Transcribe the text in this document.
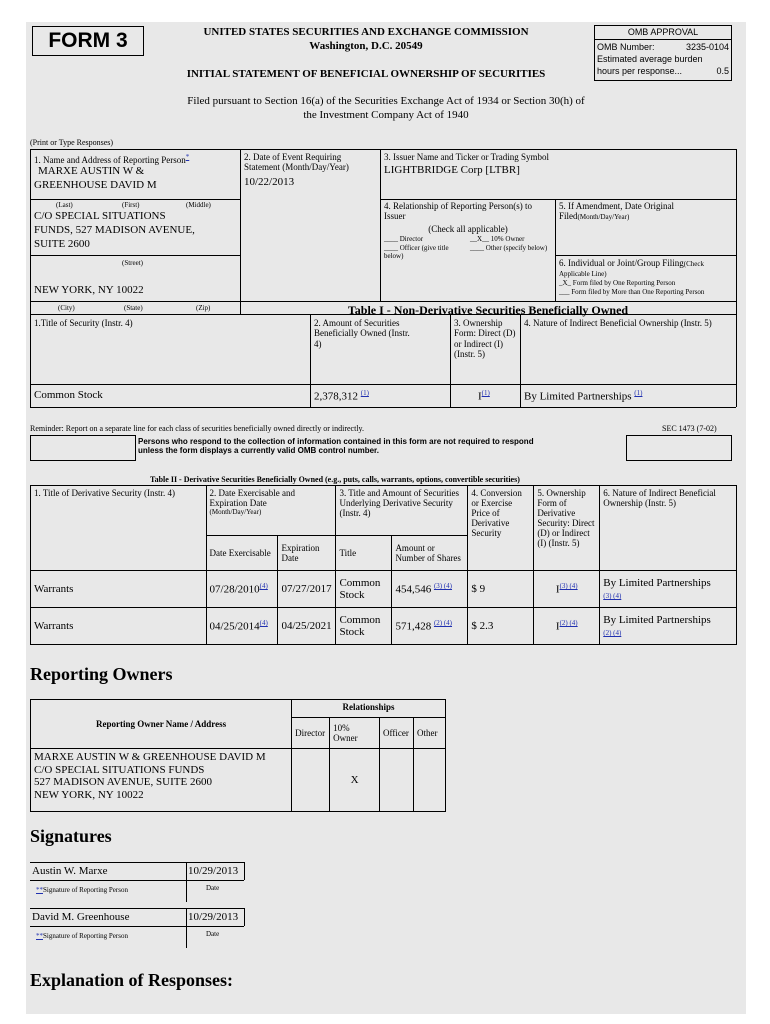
FORM 3	UNITED STATES SECURITIES AND EXCHANGE COMMISSION
Washington, D.C. 20549
INITIAL STATEMENT OF BENEFICIAL OWNERSHIP OF SECURITIES
OMB APPROVAL
OMB Number:	3235-0104
Estimated average burden
hours per response...	0.5
Filed pursuant to Section 16(a) of the Securities Exchange Act of 1934 or Section 30(h) of
the Investment Company Act of 1940
(Print or Type Responses)
1. Name and Address of Reporting Person*
MARXE AUSTIN W &
GREENHOUSE DAVID M
(Last)	(First)	(Middle)
C/O SPECIAL SITUATIONS
FUNDS, 527 MADISON AVENUE,
SUITE 2600
(Street)
NEW YORK, NY 10022
(City)	(State)	(Zip)
2. Date of Event Requiring
Statement (Month/Day/Year)
10/22/2013
3. Issuer Name and Ticker or Trading Symbol
LIGHTBRIDGE Corp [LTBR]
4. Relationship of Reporting Person(s) to
Issuer
(Check all applicable)
____ Director	__X__ 10% Owner
____ Officer (give title below)
____ Other (specify below)
5. If Amendment, Date Original
Filed(Month/Day/Year)
6. Individual or Joint/Group Filing(Check Applicable Line)
_X_ Form filed by One Reporting Person
___ Form filed by More than One Reporting Person
Table I - Non-Derivative Securities Beneficially Owned
1.Title of Security (Instr. 4)	2. Amount of Securities Beneficially Owned (Instr. 4)
3. Ownership Form: Direct (D) or Indirect (I) (Instr. 5)
4. Nature of Indirect Beneficial Ownership (Instr. 5)
Common Stock	2,378,312 $^{(1)}$	$I^{(1)}$	By Limited Partnerships $^{(1)}$
Reminder: Report on a separate line for each class of securities beneficially owned directly or indirectly.	SEC 1473 (7-02)
Persons who respond to the collection of information contained in this form are not required to respond
unless the form displays a currently valid OMB control number.
Table II - Derivative Securities Beneficially Owned (e.g., puts, calls, warrants, options, convertible securities)
1. Title of Derivative Security (Instr. 4)	2. Date Exercisable and Expiration Date
(Month/Day/Year)		3. Title and Amount of Securities Underlying Derivative Security (Instr. 4)		4. Conversion or Exercise Price of Derivative Security	5. Ownership Form of Derivative Security: Direct (D) or Indirect (I) (Instr. 5)	6. Nature of Indirect Beneficial Ownership (Instr. 5)
	Date Exercisable	Expiration Date	Title	Amount or Number of Shares			
Warrants	07/28/2010$^{(4)}$	07/27/2017	Common Stock	454,546 $^{(3) (4)}$	$ 9	$I^{(3) (4)}$	By Limited Partnerships
(3) (4)
Warrants	04/25/2014$^{(4)}$	04/25/2021	Common Stock	571,428 $^{(2) (4)}$	$ 2.3	$I^{(2) (4)}$	By Limited Partnerships
(2) (4)
Reporting Owners
Reporting Owner Name / Address	Relationships			
	Director	10% Owner	Officer	Other

MARXE AUSTIN W & GREENHOUSE DAVID M
C/O SPECIAL SITUATIONS FUNDS
527 MADISON AVENUE, SUITE 2600
NEW YORK, NY 10022		X		
Signatures
Austin W. Marxe
**Signature of Reporting Person
10/29/2013
Date
David M. Greenhouse
**Signature of Reporting Person
10/29/2013
Date
Explanation of Responses:
